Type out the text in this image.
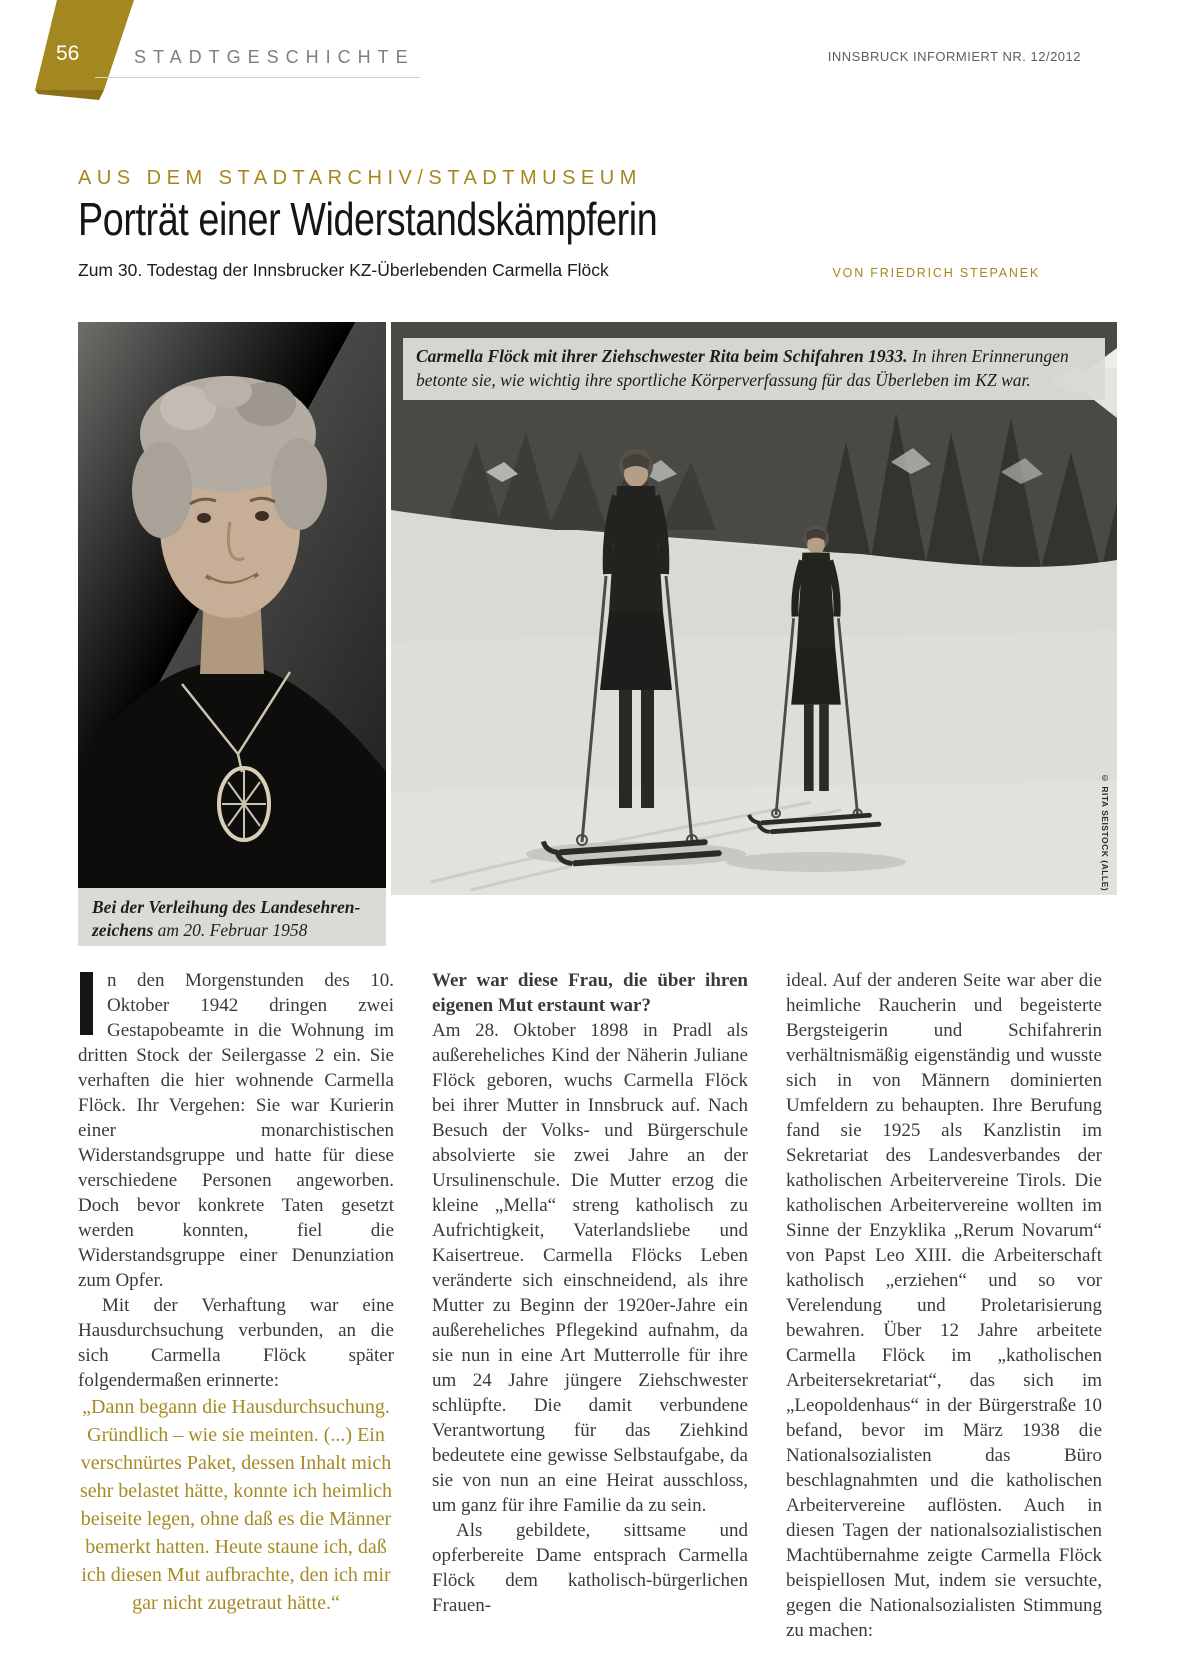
56	STADTGESCHICHTE	INNSBRUCK INFORMIERT NR. 12/2012
AUS DEM STADTARCHIV/STADTMUSEUM
Porträt einer Widerstandskämpferin
Zum 30. Todestag der Innsbrucker KZ-Überlebenden Carmella Flöck	VON FRIEDRICH STEPANEK
Bei der Verleihung des Landesehren-zeichens am 20. Februar 1958
Carmella Flöck mit ihrer Ziehschwester Rita beim Schifahren 1933. In ihren Erinnerungen betonte sie, wie wichtig ihre sportliche Körperverfassung für das Überleben im KZ war.
© RITA SEISTOCK (ALLE)

n den Morgenstunden des 10. Oktober 1942 dringen zwei Gestapobeamte in die Wohnung im dritten Stock der Seilergasse 2 ein. Sie verhaften die hier wohnende Carmella Flöck. Ihr Vergehen: Sie war Kurierin einer monarchistischen Widerstandsgruppe und hatte für diese verschiedene Personen angeworben. Doch bevor konkrete Taten gesetzt werden konnten, fiel die Widerstandsgruppe einer Denunziation zum Opfer.

Mit der Verhaftung war eine Hausdurchsuchung verbunden, an die sich Carmella Flöck später folgendermaßen erinnerte:

„Dann begann die Hausdurchsuchung. Gründlich – wie sie meinten. (...) Ein verschnürtes Paket, dessen Inhalt mich sehr belastet hätte, konnte ich heimlich beiseite legen, ohne daß es die Männer bemerkt hatten. Heute staune ich, daß ich diesen Mut aufbrachte, den ich mir gar nicht zugetraut hätte.“

Wer war diese Frau, die über ihren eigenen Mut erstaunt war?

Am 28. Oktober 1898 in Pradl als außereheliches Kind der Näherin Juliane Flöck geboren, wuchs Carmella Flöck bei ihrer Mutter in Innsbruck auf. Nach Besuch der Volks- und Bürgerschule absolvierte sie zwei Jahre an der Ursulinenschule. Die Mutter erzog die kleine „Mella“ streng katholisch zu Aufrichtigkeit, Vaterlandsliebe und Kaisertreue. Carmella Flöcks Leben veränderte sich einschneidend, als ihre Mutter zu Beginn der 1920er-Jahre ein außereheliches Pflegekind aufnahm, da sie nun in eine Art Mutterrolle für ihre um 24 Jahre jüngere Ziehschwester schlüpfte. Die damit verbundene Verantwortung für das Ziehkind bedeutete eine gewisse Selbstaufgabe, da sie von nun an eine Heirat ausschloss, um ganz für ihre Familie da zu sein.

Als gebildete, sittsame und opferbereite Dame entsprach Carmella Flöck dem katholisch-bürgerlichen Frauen-

ideal. Auf der anderen Seite war aber die heimliche Raucherin und begeisterte Bergsteigerin und Schifahrerin verhältnismäßig eigenständig und wusste sich in von Männern dominierten Umfeldern zu behaupten. Ihre Berufung fand sie 1925 als Kanzlistin im Sekretariat des Landesverbandes der katholischen Arbeitervereine Tirols. Die katholischen Arbeitervereine wollten im Sinne der Enzyklika „Rerum Novarum“ von Papst Leo XIII. die Arbeiterschaft katholisch „erziehen“ und so vor Verelendung und Proletarisierung bewahren. Über 12 Jahre arbeitete Carmella Flöck im „katholischen Arbeitersekretariat“, das sich im „Leopoldenhaus“ in der Bürgerstraße 10 befand, bevor im März 1938 die Nationalsozialisten das Büro beschlagnahmten und die katholischen Arbeitervereine auflösten. Auch in diesen Tagen der nationalsozialistischen Machtübernahme zeigte Carmella Flöck beispiellosen Mut, indem sie versuchte, gegen die Nationalsozialisten Stimmung zu machen:
